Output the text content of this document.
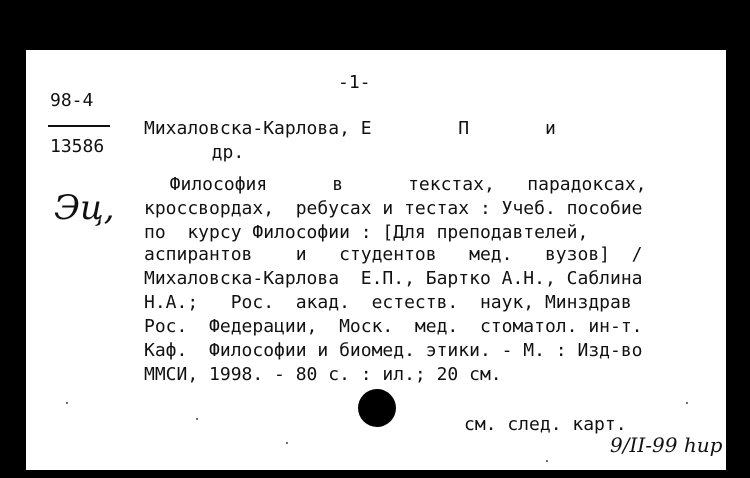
-1-
98-4
13586
Эц,
Михаловска-Карлова, Е        П       и
др.
Философия      в      текстах,   парадоксах,
кроссвордах,  ребусах и тестах : Учеб. пособие
по  курсу Философии : [Для преподавтелей,
аспирантов    и   студентов   мед.   вузов]  /
Михаловска-Карлова  Е.П., Бартко А.Н., Саблина
Н.А.;   Рос.  акад.  естеств.  наук, Минздрав
Рос.  Федерации,  Моск.  мед.  стоматол. ин-т.
Каф.  Философии и биомед. этики. - М. : Изд-во
ММСИ, 1998. - 80 с. : ил.; 20 см.
см. след. карт.
9/II-99 hup
